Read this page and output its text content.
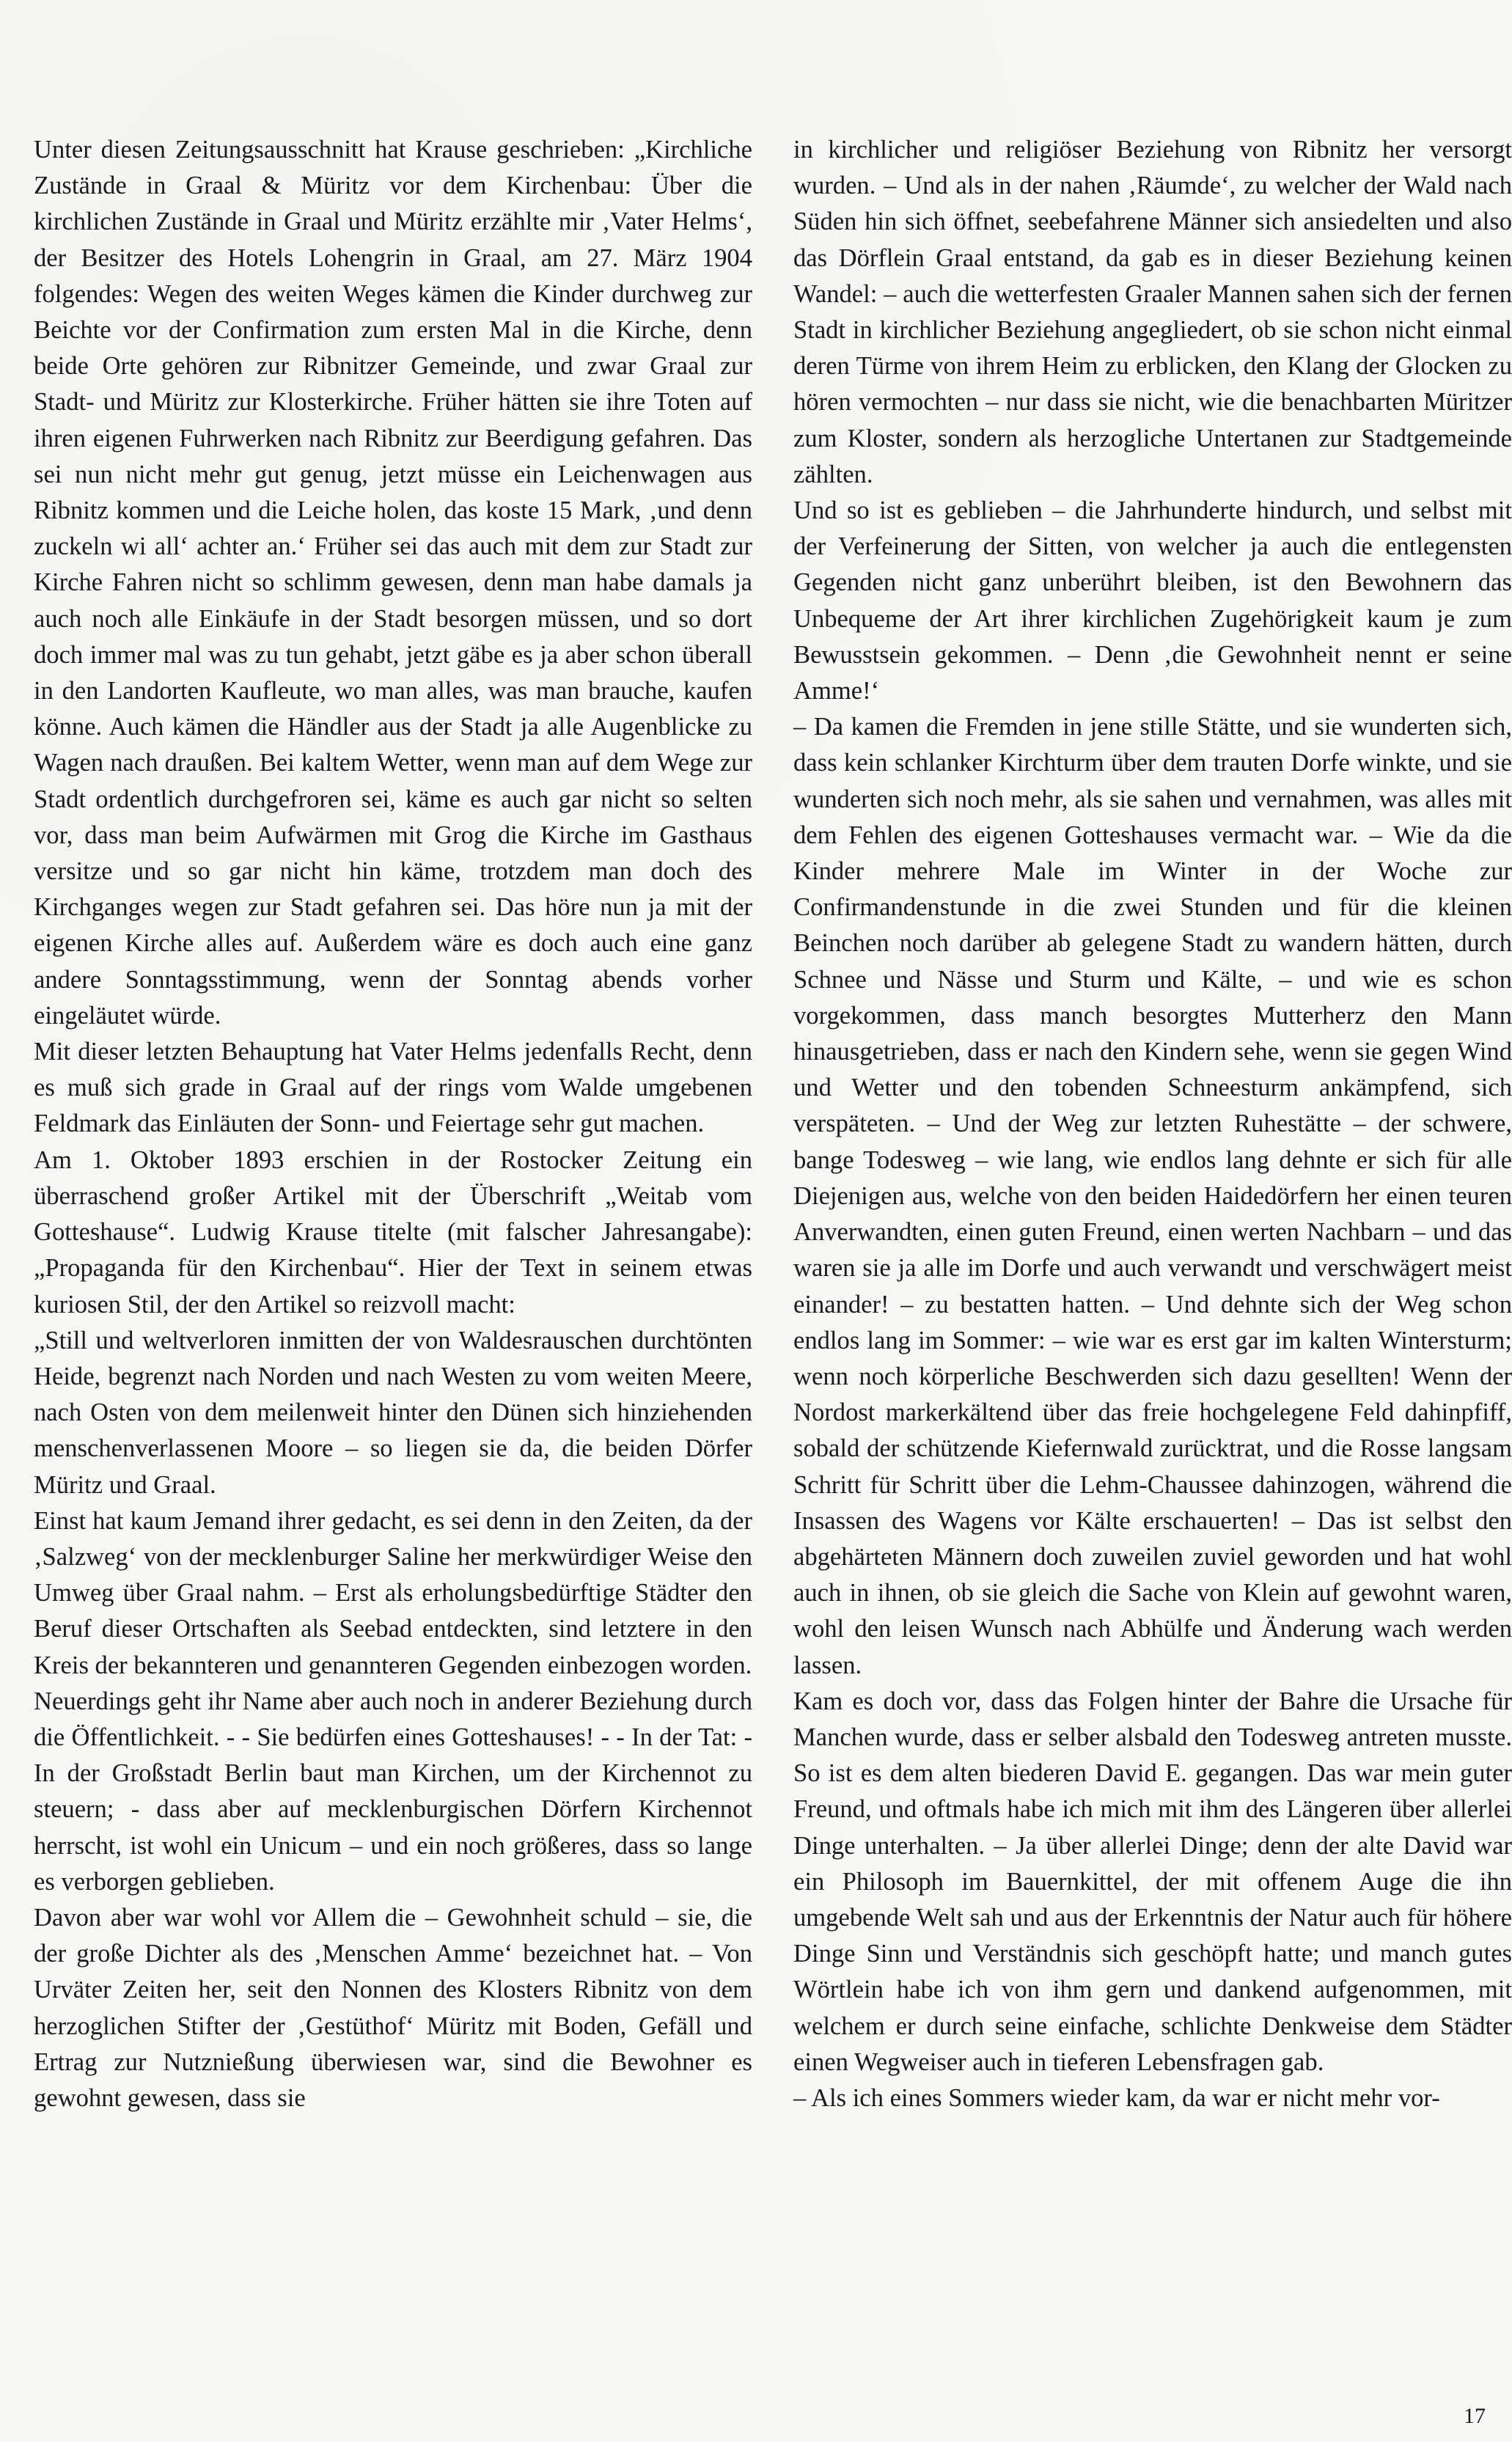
Unter diesen Zeitungsausschnitt hat Krause geschrieben: „Kirchliche Zustände in Graal & Müritz vor dem Kirchenbau: Über die kirchlichen Zustände in Graal und Müritz erzählte mir ‚Vater Helms‘, der Besitzer des Hotels Lohengrin in Graal, am 27. März 1904 folgendes: Wegen des weiten Weges kämen die Kinder durchweg zur Beichte vor der Confirmation zum ersten Mal in die Kirche, denn beide Orte gehören zur Ribnitzer Gemeinde, und zwar Graal zur Stadt- und Müritz zur Klosterkirche. Früher hätten sie ihre Toten auf ihren eigenen Fuhrwerken nach Ribnitz zur Beerdigung gefahren. Das sei nun nicht mehr gut genug, jetzt müsse ein Leichenwagen aus Ribnitz kommen und die Leiche holen, das koste 15 Mark, ‚und denn zuckeln wi all‘ achter an.‘ Früher sei das auch mit dem zur Stadt zur Kirche Fahren nicht so schlimm gewesen, denn man habe damals ja auch noch alle Einkäufe in der Stadt besorgen müssen, und so dort doch immer mal was zu tun gehabt, jetzt gäbe es ja aber schon überall in den Landorten Kaufleute, wo man alles, was man brauche, kaufen könne. Auch kämen die Händler aus der Stadt ja alle Augenblicke zu Wagen nach draußen. Bei kaltem Wetter, wenn man auf dem Wege zur Stadt ordentlich durchgefroren sei, käme es auch gar nicht so selten vor, dass man beim Aufwärmen mit Grog die Kirche im Gasthaus versitze und so gar nicht hin käme, trotzdem man doch des Kirchganges wegen zur Stadt gefahren sei. Das höre nun ja mit der eigenen Kirche alles auf. Außerdem wäre es doch auch eine ganz andere Sonntagsstimmung, wenn der Sonntag abends vorher eingeläutet würde.

Mit dieser letzten Behauptung hat Vater Helms jedenfalls Recht, denn es muß sich grade in Graal auf der rings vom Walde umgebenen Feldmark das Einläuten der Sonn- und Feiertage sehr gut machen.

Am 1. Oktober 1893 erschien in der Rostocker Zeitung ein überraschend großer Artikel mit der Überschrift „Weitab vom Gotteshause“. Ludwig Krause titelte (mit falscher Jahresangabe): „Propaganda für den Kirchenbau“. Hier der Text in seinem etwas kuriosen Stil, der den Artikel so reizvoll macht:

„Still und weltverloren inmitten der von Waldesrauschen durchtönten Heide, begrenzt nach Norden und nach Westen zu vom weiten Meere, nach Osten von dem meilenweit hinter den Dünen sich hinziehenden menschenverlassenen Moore – so liegen sie da, die beiden Dörfer Müritz und Graal.

Einst hat kaum Jemand ihrer gedacht, es sei denn in den Zeiten, da der ‚Salzweg‘ von der mecklenburger Saline her merkwürdiger Weise den Umweg über Graal nahm. – Erst als erholungsbedürftige Städter den Beruf dieser Ortschaften als Seebad entdeckten, sind letztere in den Kreis der bekannteren und genannteren Gegenden einbezogen worden.

Neuerdings geht ihr Name aber auch noch in anderer Beziehung durch die Öffentlichkeit. - - Sie bedürfen eines Gotteshauses! - - In der Tat: - In der Großstadt Berlin baut man Kirchen, um der Kirchennot zu steuern; - dass aber auf mecklenburgischen Dörfern Kirchennot herrscht, ist wohl ein Unicum – und ein noch größeres, dass so lange es verborgen geblieben.

Davon aber war wohl vor Allem die – Gewohnheit schuld – sie, die der große Dichter als des ‚Menschen Amme‘ bezeichnet hat. – Von Urväter Zeiten her, seit den Nonnen des Klosters Ribnitz von dem herzoglichen Stifter der ‚Gestüthof‘ Müritz mit Boden, Gefäll und Ertrag zur Nutznießung überwiesen war, sind die Bewohner es gewohnt gewesen, dass sie

in kirchlicher und religiöser Beziehung von Ribnitz her versorgt wurden. – Und als in der nahen ‚Räumde‘, zu welcher der Wald nach Süden hin sich öffnet, seebefahrene Männer sich ansiedelten und also das Dörflein Graal entstand, da gab es in dieser Beziehung keinen Wandel: – auch die wetterfesten Graaler Mannen sahen sich der fernen Stadt in kirchlicher Beziehung angegliedert, ob sie schon nicht einmal deren Türme von ihrem Heim zu erblicken, den Klang der Glocken zu hören vermochten – nur dass sie nicht, wie die benachbarten Müritzer zum Kloster, sondern als herzogliche Untertanen zur Stadtgemeinde zählten.

Und so ist es geblieben – die Jahrhunderte hindurch, und selbst mit der Verfeinerung der Sitten, von welcher ja auch die entlegensten Gegenden nicht ganz unberührt bleiben, ist den Bewohnern das Unbequeme der Art ihrer kirchlichen Zugehörigkeit kaum je zum Bewusstsein gekommen. – Denn ‚die Gewohnheit nennt er seine Amme!‘

– Da kamen die Fremden in jene stille Stätte, und sie wunderten sich, dass kein schlanker Kirchturm über dem trauten Dorfe winkte, und sie wunderten sich noch mehr, als sie sahen und vernahmen, was alles mit dem Fehlen des eigenen Gotteshauses vermacht war. – Wie da die Kinder mehrere Male im Winter in der Woche zur Confirmandenstunde in die zwei Stunden und für die kleinen Beinchen noch darüber ab gelegene Stadt zu wandern hätten, durch Schnee und Nässe und Sturm und Kälte, – und wie es schon vorgekommen, dass manch besorgtes Mutterherz den Mann hinausgetrieben, dass er nach den Kindern sehe, wenn sie gegen Wind und Wetter und den tobenden Schneesturm ankämpfend, sich verspäteten. – Und der Weg zur letzten Ruhestätte – der schwere, bange Todesweg – wie lang, wie endlos lang dehnte er sich für alle Diejenigen aus, welche von den beiden Haidedörfern her einen teuren Anverwandten, einen guten Freund, einen werten Nachbarn – und das waren sie ja alle im Dorfe und auch verwandt und verschwägert meist einander! – zu bestatten hatten. – Und dehnte sich der Weg schon endlos lang im Sommer: – wie war es erst gar im kalten Wintersturm; wenn noch körperliche Beschwerden sich dazu gesellten! Wenn der Nordost markerkältend über das freie hochgelegene Feld dahinpfiff, sobald der schützende Kiefernwald zurücktrat, und die Rosse langsam Schritt für Schritt über die Lehm-Chaussee dahinzogen, während die Insassen des Wagens vor Kälte erschauerten! – Das ist selbst den abgehärteten Männern doch zuweilen zuviel geworden und hat wohl auch in ihnen, ob sie gleich die Sache von Klein auf gewohnt waren, wohl den leisen Wunsch nach Abhülfe und Änderung wach werden lassen.

Kam es doch vor, dass das Folgen hinter der Bahre die Ursache für Manchen wurde, dass er selber alsbald den Todesweg antreten musste. So ist es dem alten biederen David E. gegangen. Das war mein guter Freund, und oftmals habe ich mich mit ihm des Längeren über allerlei Dinge unterhalten. – Ja über allerlei Dinge; denn der alte David war ein Philosoph im Bauernkittel, der mit offenem Auge die ihn umgebende Welt sah und aus der Erkenntnis der Natur auch für höhere Dinge Sinn und Verständnis sich geschöpft hatte; und manch gutes Wörtlein habe ich von ihm gern und dankend aufgenommen, mit welchem er durch seine einfache, schlichte Denkweise dem Städter einen Wegweiser auch in tieferen Lebensfragen gab.

– Als ich eines Sommers wieder kam, da war er nicht mehr vor-

17
